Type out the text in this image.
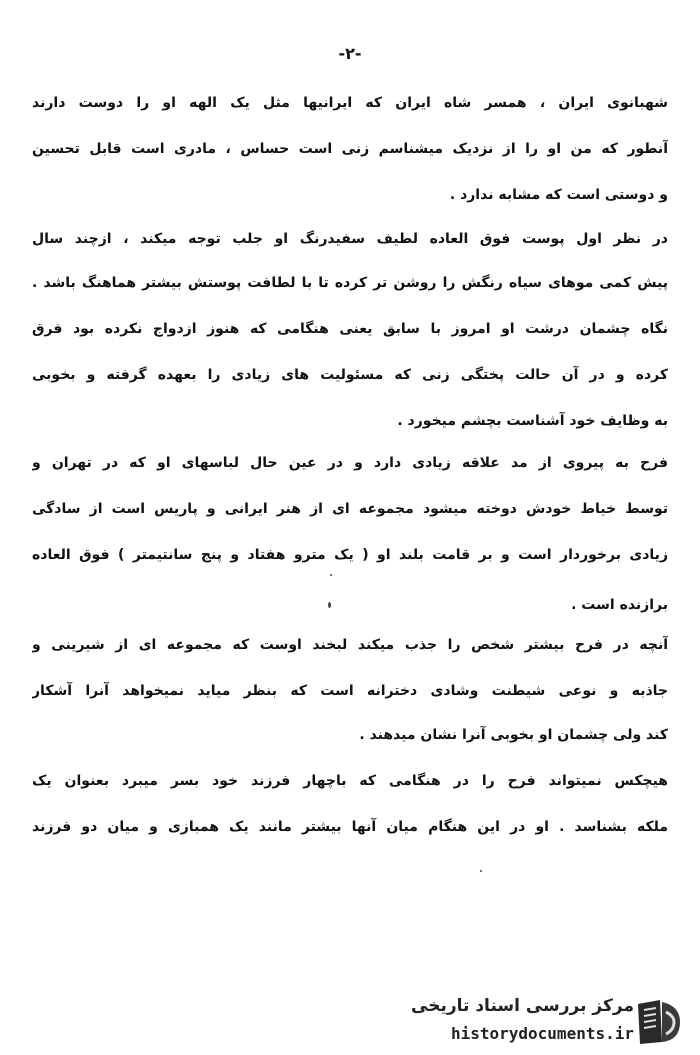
-٢-
شهبانوی ایران ، همسر شاه ایران که ایرانیها مثل یک الهه او را دوست دارند
آنطور که من او را از نزدیک میشناسم زنی است حساس ، مادری است قابل تحسین
و دوستی است که مشابه ندارد .
در نظر اول پوست فوق العاده لطیف سفیدرنگ او جلب توجه میکند ، ازچند سال
پیش کمی موهای سیاه رنگش را روشن تر کرده تا با لطافت پوستش بیشتر هماهنگ باشد .
نگاه چشمان درشت او امروز با سابق یعنی هنگامی که هنوز ازدواج نکرده بود فرق
کرده و در آن حالت پختگی زنی که مسئولیت های زیادی را بعهده گرفته و بخوبی
به وظایف خود آشناست بچشم میخورد .
فرح به پیروی از مد علاقه زیادی دارد و در عین حال لباسهای او که در تهران و
توسط خیاط خودش دوخته میشود مجموعه ای از هنر ایرانی و پاریس است از سادگی
زیادی برخوردار است و بر قامت بلند او ( یک مترو هفتاد و پنج سانتیمتر ) فوق العاده
برازنده است .
آنچه در فرح بیشتر شخص را جذب میکند لبخند اوست که مجموعه ای از شیرینی و
جاذبه و نوعی شیطنت وشادی دخترانه است که بنظر میاید نمیخواهد آنرا آشکار
کند ولی چشمان او بخوبی آنرا نشان میدهند .
هیچکس نمیتواند فرح را در هنگامی که باچهار فرزند خود بسر میبرد بعنوان یک
ملکه بشناسد . او در این هنگام میان آنها بیشتر مانند یک همبازی و میان دو فرزند
مرکز بررسی اسناد تاریخی
historydocuments.ir
